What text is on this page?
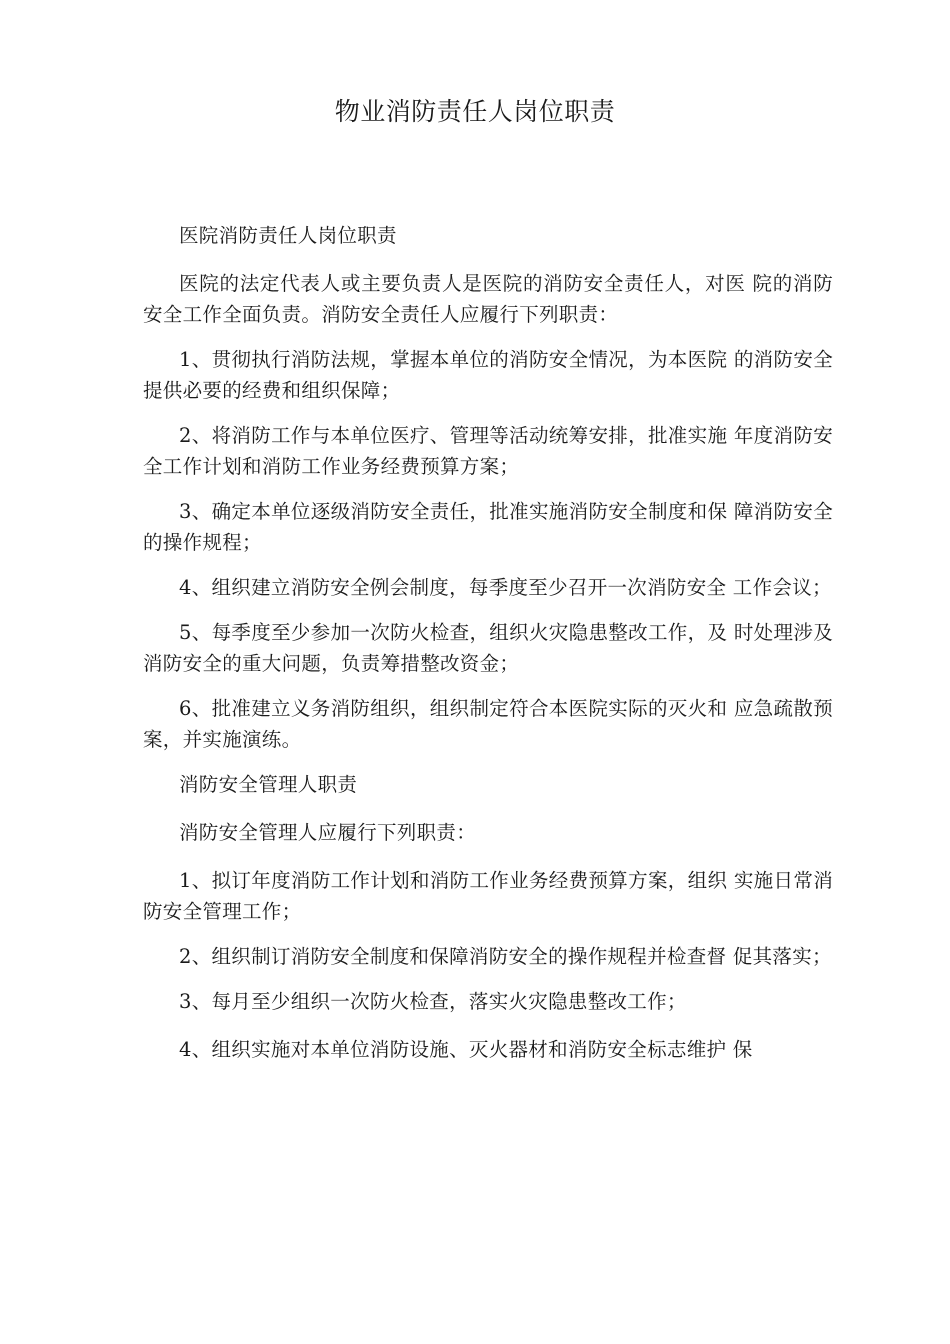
物业消防责任人岗位职责

医院消防责任人岗位职责

医院的法定代表人或主要负责人是医院的消防安全责任人，对医 院的消防安全工作全面负责。消防安全责任人应履行下列职责：

1、贯彻执行消防法规，掌握本单位的消防安全情况，为本医院 的消防安全提供必要的经费和组织保障；

2、将消防工作与本单位医疗、管理等活动统筹安排，批准实施 年度消防安全工作计划和消防工作业务经费预算方案；

3、确定本单位逐级消防安全责任，批准实施消防安全制度和保 障消防安全的操作规程；

4、组织建立消防安全例会制度，每季度至少召开一次消防安全 工作会议；

5、每季度至少参加一次防火检查，组织火灾隐患整改工作，及 时处理涉及消防安全的重大问题，负责筹措整改资金；

6、批准建立义务消防组织，组织制定符合本医院实际的灭火和 应急疏散预案，并实施演练。

消防安全管理人职责

消防安全管理人应履行下列职责：

1、拟订年度消防工作计划和消防工作业务经费预算方案，组织 实施日常消防安全管理工作；

2、组织制订消防安全制度和保障消防安全的操作规程并检查督 促其落实；

3、每月至少组织一次防火检查，落实火灾隐患整改工作；

4、组织实施对本单位消防设施、灭火器材和消防安全标志维护 保
